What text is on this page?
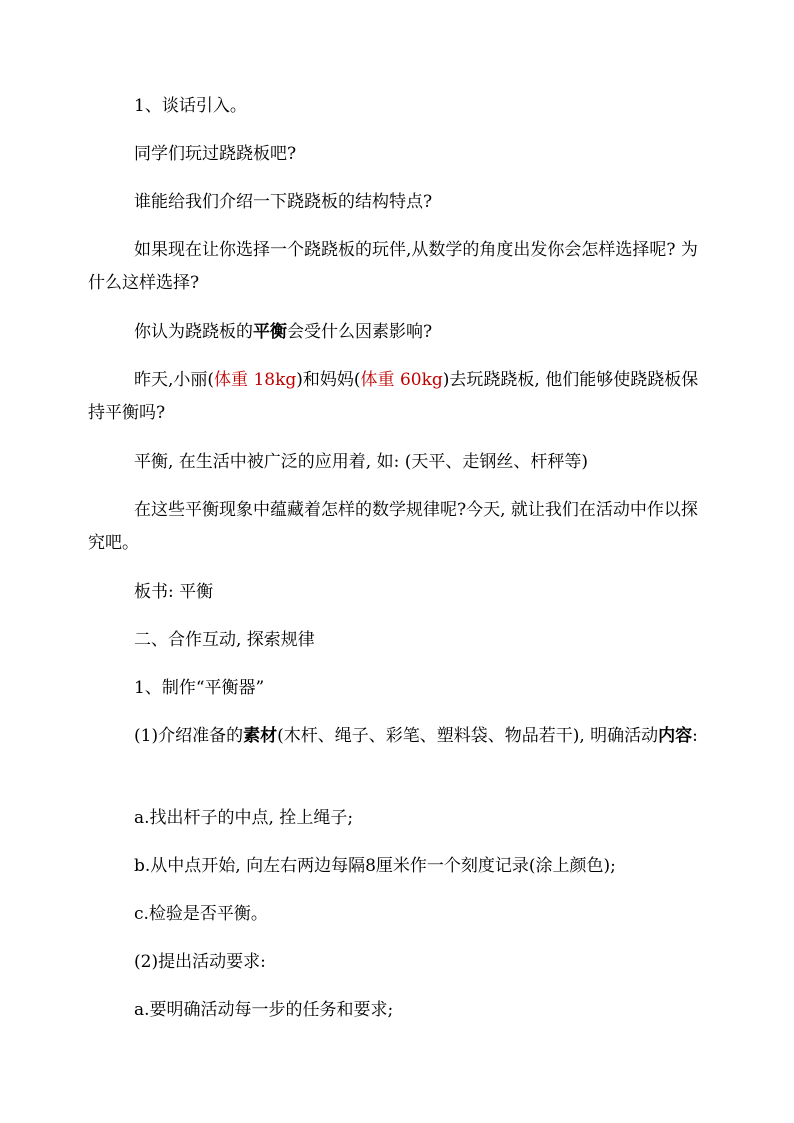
1、谈话引入。

同学们玩过跷跷板吧?

谁能给我们介绍一下跷跷板的结构特点?

如果现在让你选择一个跷跷板的玩伴,从数学的角度出发你会怎样选择呢? 为什么这样选择?

你认为跷跷板的平衡会受什么因素影响?

昨天,小丽(体重 18kg)和妈妈(体重 60kg)去玩跷跷板, 他们能够使跷跷板保持平衡吗?

平衡, 在生活中被广泛的应用着, 如: (天平、走钢丝、杆秤等)

在这些平衡现象中蕴藏着怎样的数学规律呢?今天, 就让我们在活动中作以探究吧。

板书: 平衡

二、合作互动, 探索规律

1、制作“平衡器”

(1)介绍准备的素材(木杆、绳子、彩笔、塑料袋、物品若干), 明确活动内容:

a.找出杆子的中点, 拴上绳子;

b.从中点开始, 向左右两边每隔8厘米作一个刻度记录(涂上颜色);

c.检验是否平衡。

(2)提出活动要求:

a.要明确活动每一步的任务和要求;
